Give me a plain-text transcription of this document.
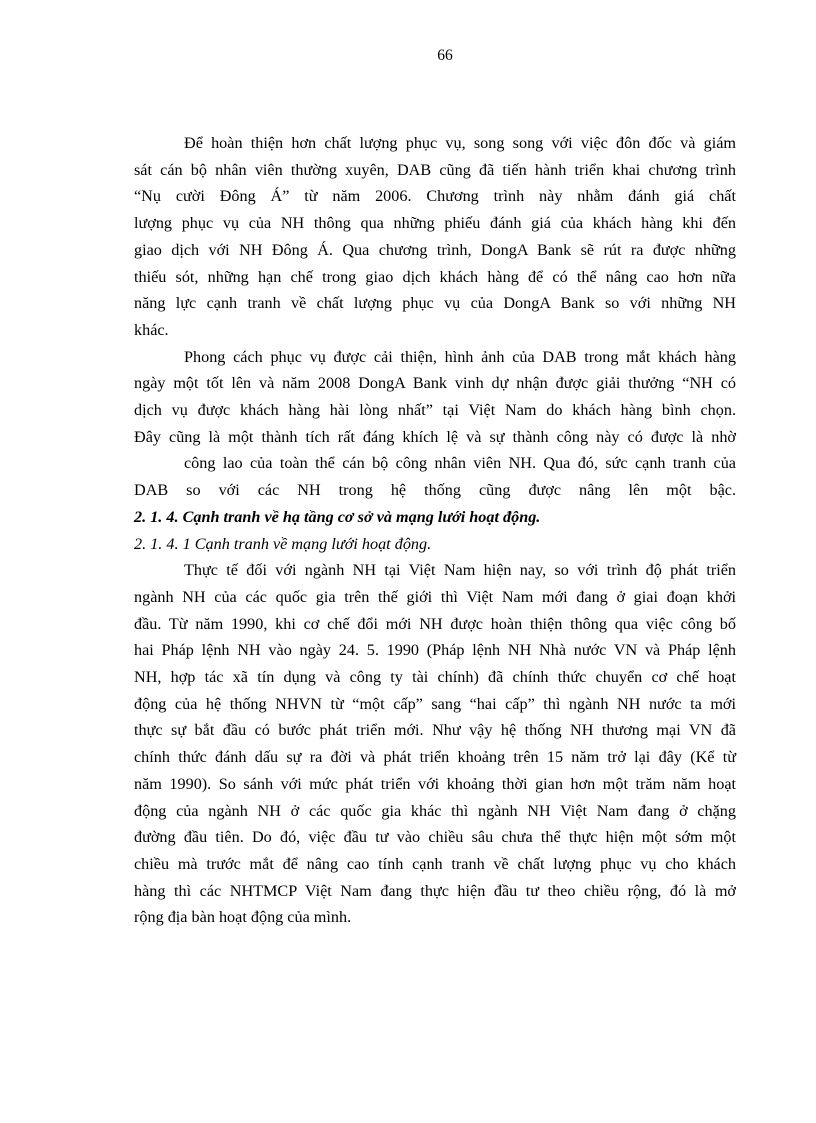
66
Để hoàn thiện hơn chất lượng phục vụ, song song với việc đôn đốc và giám
sát cán bộ nhân viên thường xuyên, DAB cũng đã tiến hành triển khai chương trình
“Nụ cười Đông Á” từ năm 2006. Chương trình này nhằm đánh giá chất
lượng phục vụ của NH thông qua những phiếu đánh giá của khách hàng khi đến
giao dịch với NH Đông Á. Qua chương trình, DongA Bank sẽ rút ra được những
thiếu sót, những hạn chế trong giao dịch khách hàng để có thể nâng cao hơn nữa
năng lực cạnh tranh về chất lượng phục vụ của DongA Bank so với những NH
khác.
Phong cách phục vụ được cải thiện, hình ảnh của DAB trong mắt khách hàng
ngày một tốt lên và năm 2008 DongA Bank vinh dự nhận được giải thưởng “NH có
dịch vụ được khách hàng hài lòng nhất” tại Việt Nam do khách hàng bình chọn.
Đây cũng là một thành tích rất đáng khích lệ và sự thành công này có được là nhờ
công lao của toàn thể cán bộ công nhân viên NH. Qua đó, sức cạnh tranh của
DAB so với các NH trong hệ thống cũng được nâng lên một bậc.
2. 1. 4. Cạnh tranh về hạ tầng cơ sở và mạng lưới hoạt động.
2. 1. 4. 1 Cạnh tranh về mạng lưới hoạt động.
Thực tế đối với ngành NH tại Việt Nam hiện nay, so với trình độ phát triển
ngành NH của các quốc gia trên thế giới thì Việt Nam mới đang ở giai đoạn khởi
đầu. Từ năm 1990, khi cơ chế đổi mới NH được hoàn thiện thông qua việc công bố
hai Pháp lệnh NH vào ngày 24. 5. 1990 (Pháp lệnh NH Nhà nước VN và Pháp lệnh
NH, hợp tác xã tín dụng và công ty tài chính) đã chính thức chuyển cơ chế hoạt
động của hệ thống NHVN từ “một cấp” sang “hai cấp” thì ngành NH nước ta mới
thực sự bắt đầu có bước phát triển mới. Như vậy hệ thống NH thương mại VN đã
chính thức đánh dấu sự ra đời và phát triển khoảng trên 15 năm trở lại đây (Kể từ
năm 1990). So sánh với mức phát triển với khoảng thời gian hơn một trăm năm hoạt
động của ngành NH ở các quốc gia khác thì ngành NH Việt Nam đang ở chặng
đường đầu tiên. Do đó, việc đầu tư vào chiều sâu chưa thể thực hiện một sớm một
chiều mà trước mắt để nâng cao tính cạnh tranh về chất lượng phục vụ cho khách
hàng thì các NHTMCP Việt Nam đang thực hiện đầu tư theo chiều rộng, đó là mở
rộng địa bàn hoạt động của mình.
